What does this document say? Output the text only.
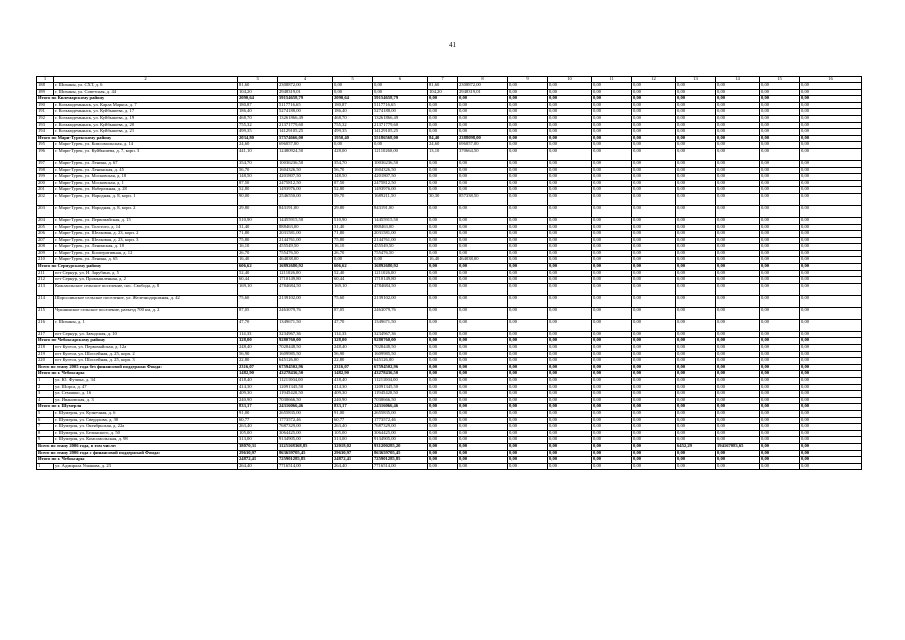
41
1	2	3	4	5	6	7	8	9	10	11	12	13	14	15	16
188	г. Шиханы, ул. СХТ, д. 6	81,60	2308872,00	0,00	0,00	81,60	2308872,00	0,00	0,00	0,00	0,00	0,00	0,00	0,00	0,00
189	г. Шиханы, ул. Советская, д. 44	104,20	2948319,01	0,00	0,00	104,20	2948319,01	0,00	0,00	0,00	0,00	0,00	0,00	0,00	0,00
Итого по Килемарскому району		2090,64	59154658,79	2090,64	59154658,79	0,00	0,00	0,00	0,00	0,00	0,00	0,00	0,00	0,00	0,00
190	г. Козьмодемьянск, ул. Карла Маркса, д. 7	180,87	5117716,65	180,87	5117716,65	0,00	0,00	0,00	0,00	0,00	0,00	0,00	0,00	0,00	0,00
191	г. Козьмодемьянск, ул. Куйбышева, д. 17	186,40	5274188,00	186,40	5274188,00	0,00	0,00	0,00	0,00	0,00	0,00	0,00	0,00	0,00	0,00
192	г. Козьмодемьянск, ул. Куйбышева, д. 19	468,70	13261866,49	468,70	13261866,49	0,00	0,00	0,00	0,00	0,00	0,00	0,00	0,00	0,00	0,00
193	г. Козьмодемьянск, ул. Куйбышева, д. 20	755,32	21371779,60	755,32	21371779,60	0,00	0,00	0,00	0,00	0,00	0,00	0,00	0,00	0,00	0,00
194	г. Козьмодемьянск, ул. Куйбышева, д. 21	499,35	14129105,25	499,35	14129105,25	0,00	0,00	0,00	0,00	0,00	0,00	0,00	0,00	0,00	0,00
Итого по Мари-Турекскому району		2034,80	57574666,00	1950,40	55186568,00	84,40	2388098,00	0,00	0,00	0,00	0,00	0,00	0,00	0,00	0,00
195	г. Мари-Турек, ул. Комсомольская, д. 14	24,60	696057,00	0,00	0,00	24,60	696057,00	0,00	0,00	0,00	0,00	0,00	0,00	0,00	0,00
196	г. Мари-Турек, ул. Куйбышева, д. 7, корп. 3	441,10	12480924,50	428,00	12110260,00	13,10	370664,50	0,00	0,00	0,00	0,00	0,00	0,00	0,00	0,00
197	г. Мари-Турек, ул. Ленина, д. 67	354,70	10036236,50	354,70	10036236,50	0,00	0,00	0,00	0,00	0,00	0,00	0,00	0,00	0,00	0,00
198	г. Мари-Турек, ул. Ленинская, д. 45	56,70	1604326,50	56,70	1604326,50	0,00	0,00	0,00	0,00	0,00	0,00	0,00	0,00	0,00	0,00
199	г. Мари-Турек, ул. Московская, д. 18	148,50	4201807,50	148,50	4201807,50	0,00	0,00	0,00	0,00	0,00	0,00	0,00	0,00	0,00	0,00
200	г. Мари-Турек, ул. Московская, д. 1	87,50	2475812,50	87,50	2475812,50	0,00	0,00	0,00	0,00	0,00	0,00	0,00	0,00	0,00	0,00
201	г. Мари-Турек, ул. Набережная, д. 28	52,80	1493976,00	52,80	1493976,00	0,00	0,00	0,00	0,00	0,00	0,00	0,00	0,00	0,00	0,00
202	г. Мари-Турек, ул. Народная, д. 8, корп. 1	90,00	2546550,00	59,70	1689211,50	30,30	857338,50	0,00	0,00	0,00	0,00	0,00	0,00	0,00	0,00
203	г. Мари-Турек, ул. Народная, д. 8, корп. 2	29,80	843191,00	29,80	843191,00	0,00	0,00	0,00	0,00	0,00	0,00	0,00	0,00	0,00	0,00
204	г. Мари-Турек, ул. Первомайская, д. 15	510,90	14455915,50	510,90	14455915,50	0,00	0,00	0,00	0,00	0,00	0,00	0,00	0,00	0,00	0,00
205	г. Мари-Турек, ул. Толстого, д. 14	31,40	888463,00	31,40	888463,00	0,00	0,00	0,00	0,00	0,00	0,00	0,00	0,00	0,00	0,00
206	г. Мари-Турек, ул. Шелковая, д. 23, корп. 2	71,80	2031581,00	71,80	2031581,00	0,00	0,00	0,00	0,00	0,00	0,00	0,00	0,00	0,00	0,00
207	г. Мари-Турек, ул. Шелковая, д. 23, корп. 3	75,80	2144761,00	75,80	2144761,00	0,00	0,00	0,00	0,00	0,00	0,00	0,00	0,00	0,00	0,00
208	г. Мари-Турек, ул. Ленинская, д. 18	16,10	455549,50	16,10	455549,50	0,00	0,00	0,00	0,00	0,00	0,00	0,00	0,00	0,00	0,00
209	г. Мари-Турек, ул. Кооперативная, д. 12	26,70	755476,50	26,70	755476,50	0,00	0,00	0,00	0,00	0,00	0,00	0,00	0,00	0,00	0,00
210	г. Мари-Турек, ул. Ленина, д. 65	16,40	464038,00	0,00	0,00	16,40	464038,00	0,00	0,00	0,00	0,00	0,00	0,00	0,00	0,00
Итого по Сернурскому району		606,62	16892680,92	606,62	16892680,92	0,00	0,00	0,00	0,00	0,00	0,00	0,00	0,00	0,00	0,00
211	пгт Сернур, ул. Н. Зарубина, д. 5	52,40	1211026,00	52,40	1211026,00	0,00	0,00	0,00	0,00	0,00	0,00	0,00	0,00	0,00	0,00
212	пгт Сернур, ул. Промышленная, д. 2	60,44	1710149,80	60,44	1710149,80	0,00	0,00	0,00	0,00	0,00	0,00	0,00	0,00	0,00	0,00
213	Кожлаольское сельское поселение, пос. Свобода, д. 8	169,10	4784684,50	169,10	4784684,50	0,00	0,00	0,00	0,00	0,00	0,00	0,00	0,00	0,00	0,00
214	Шорсолинское сельское поселение, ул. Железнодорожная, д. 42	75,60	2139102,00	75,60	2139102,00	0,00	0,00	0,00	0,00	0,00	0,00	0,00	0,00	0,00	0,00
215	Чукшинское сельское поселение, разъезд 700 км, д. 2	87,05	2463079,76	87,05	2463079,76	0,00	0,00	0,00	0,00	0,00	0,00	0,00	0,00	0,00	0,00
216	г. Шиханы, д. 1	47,70	1349671,50	47,70	1349671,50	0,00	0,00	0,00	0,00	0,00	0,00	0,00	0,00	0,00	0,00
217	пгт Сернур, ул. Заводская, д. 10	114,33	3234967,36	114,33	3234967,36	0,00	0,00	0,00	0,00	0,00	0,00	0,00	0,00	0,00	0,00
Итого по Чебоксарскому району		328,00	9280760,00	328,00	9280760,00	0,00	0,00	0,00	0,00	0,00	0,00	0,00	0,00	0,00	0,00
218	пгт Кугеси, ул. Первомайская, д. 12а	248,40	7028448,50	248,40	7028448,50	0,00	0,00	0,00	0,00	0,00	0,00	0,00	0,00	0,00	0,00
219	пгт Кугеси, ул. Шоссейная, д. 25, корп. 2	56,90	1609985,50	56,90	1609985,50	0,00	0,00	0,00	0,00	0,00	0,00	0,00	0,00	0,00	0,00
220	пгт Кугеси, ул. Шоссейная, д. 25, корп. 3	22,80	645126,00	22,80	645126,00	0,00	0,00	0,00	0,00	0,00	0,00	0,00	0,00	0,00	0,00
Всего по этапу 2005 года без финансовой поддержки Фонда:		2316,07	67594502,96	2316,07	67594502,96	0,00	0,00	0,00	0,00	0,00	0,00	0,00	0,00	0,00	0,00
Итого по г. Чебоксары		1482,90	43278436,50	1482,90	43278436,50	0,00	0,00	0,00	0,00	0,00	0,00	0,00	0,00	0,00	0,00
1	ул. Ю. Фучика, д. 34	418,40	11211004,00	418,40	11211004,00	0,00	0,00	0,00	0,00	0,00	0,00	0,00	0,00	0,00	0,00
2	ул. Шорса, д. 47	414,30	12091345,50	414,30	12091345,50	0,00	0,00	0,00	0,00	0,00	0,00	0,00	0,00	0,00	0,00
3	ул. Семашко, д. 16	409,30	11945420,50	409,30	11945420,50	0,00	0,00	0,00	0,00	0,00	0,00	0,00	0,00	0,00	0,00
4	ул. Ивановская, д. 3	240,90	7030666,50	240,90	7030666,50	0,00	0,00	0,00	0,00	0,00	0,00	0,00	0,00	0,00	0,00
Итого по г. Шумерля		833,17	24316066,46	833,17	24316066,46	0,00	0,00	0,00	0,00	0,00	0,00	0,00	0,00	0,00	0,00
5	г. Шумерля, ул. Кузнечная, д. 6	91,00	2655835,00	91,00	2655835,00	0,00	0,00	0,00	0,00	0,00	0,00	0,00	0,00	0,00	0,00
6	г. Шумерля, ул. Свердлова, д. 30	60,77	1773572,46	60,77	1773572,46	0,00	0,00	0,00	0,00	0,00	0,00	0,00	0,00	0,00	0,00
7	г. Шумерля, ул. Октябрьская, д. 22а	263,40	7687329,00	263,40	7687329,00	0,00	0,00	0,00	0,00	0,00	0,00	0,00	0,00	0,00	0,00
8	г. Шумерля, ул. Белинского, д. 50	105,00	3064425,00	105,00	3064425,00	0,00	0,00	0,00	0,00	0,00	0,00	0,00	0,00	0,00	0,00
9	г. Шумерля, ул. Комсомольская, д. 98	313,00	9134905,00	313,00	9134905,00	0,00	0,00	0,00	0,00	0,00	0,00	0,00	0,00	0,00	0,00
Всего по этапу 2006 года, в том числе:		38070,31	1125168368,85	32018,02	931200285,20	0,00	0,00	0,00	0,00	0,00	0,00	6452,29	194167083,65	0,00	0,00
Всего по этапу 2006 года с финансовой поддержкой Фонда:		29630,97	863659705,45	29630,97	863659705,45	0,00	0,00	0,00	0,00	0,00	0,00	0,00	0,00	0,00	0,00
Итого по г. Чебоксары		24872,41	725901285,85	24872,41	725901285,85	0,00	0,00	0,00	0,00	0,00	0,00	0,00	0,00	0,00	0,00
1	ул. Адмирала Ушакова, д. 23	264,40	7716514,00	264,40	7716514,00	0,00	0,00	0,00	0,00	0,00	0,00	0,00	0,00	0,00	0,00
